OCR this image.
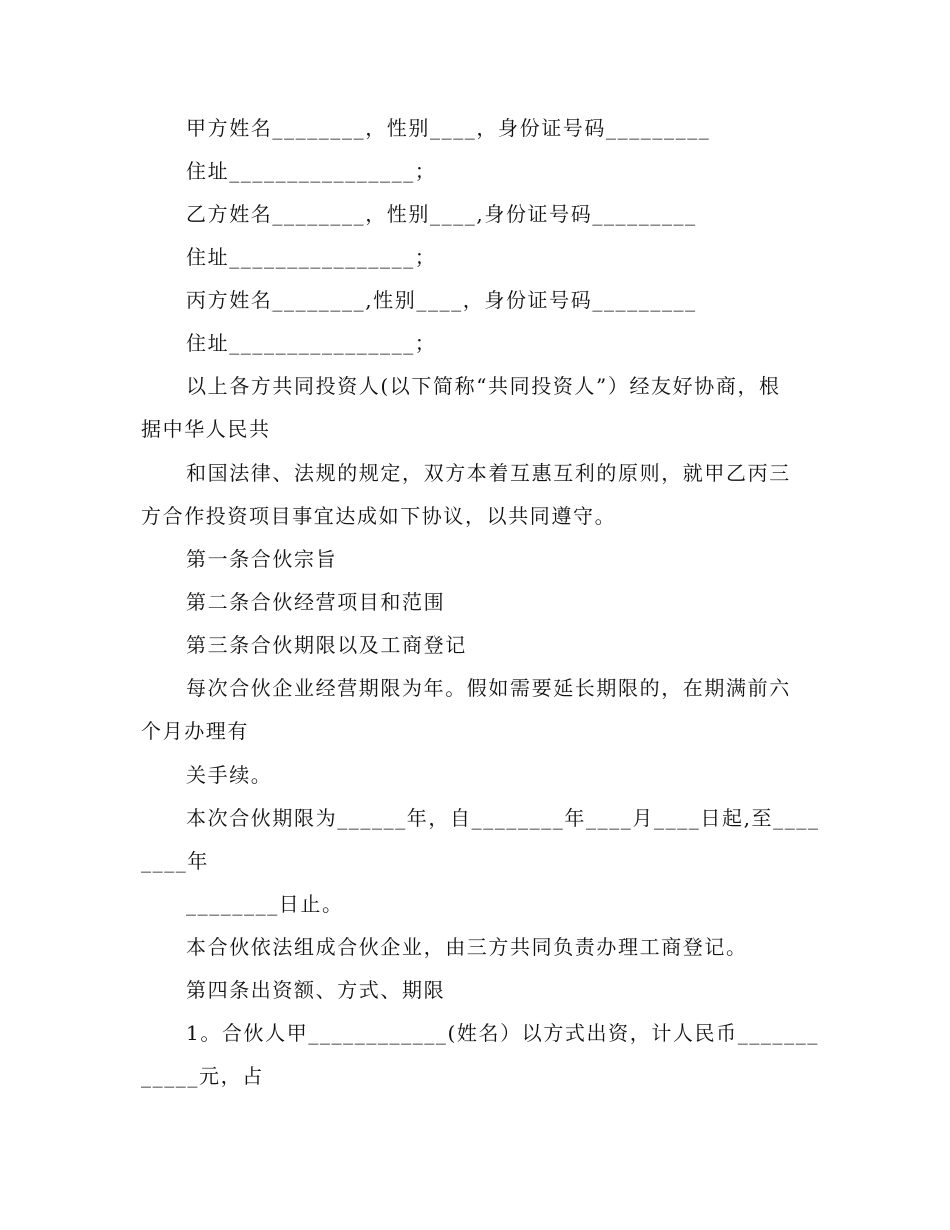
甲方姓名________，性别____，身份证号码_________
住址________________；
乙方姓名________，性别____,身份证号码_________
住址________________；
丙方姓名________,性别____，身份证号码_________
住址________________；
以上各方共同投资人(以下简称“共同投资人”）经友好协商，根
据中华人民共
和国法律、法规的规定，双方本着互惠互利的原则，就甲乙丙三
方合作投资项目事宜达成如下协议，以共同遵守。
第一条合伙宗旨
第二条合伙经营项目和范围
第三条合伙期限以及工商登记
每次合伙企业经营期限为年。假如需要延长期限的，在期满前六
个月办理有
关手续。
本次合伙期限为______年，自________年____月____日起,至____
____年
________日止。
本合伙依法组成合伙企业，由三方共同负责办理工商登记。
第四条出资额、方式、期限
1。合伙人甲____________(姓名）以方式出资，计人民币_______
_____元，占
